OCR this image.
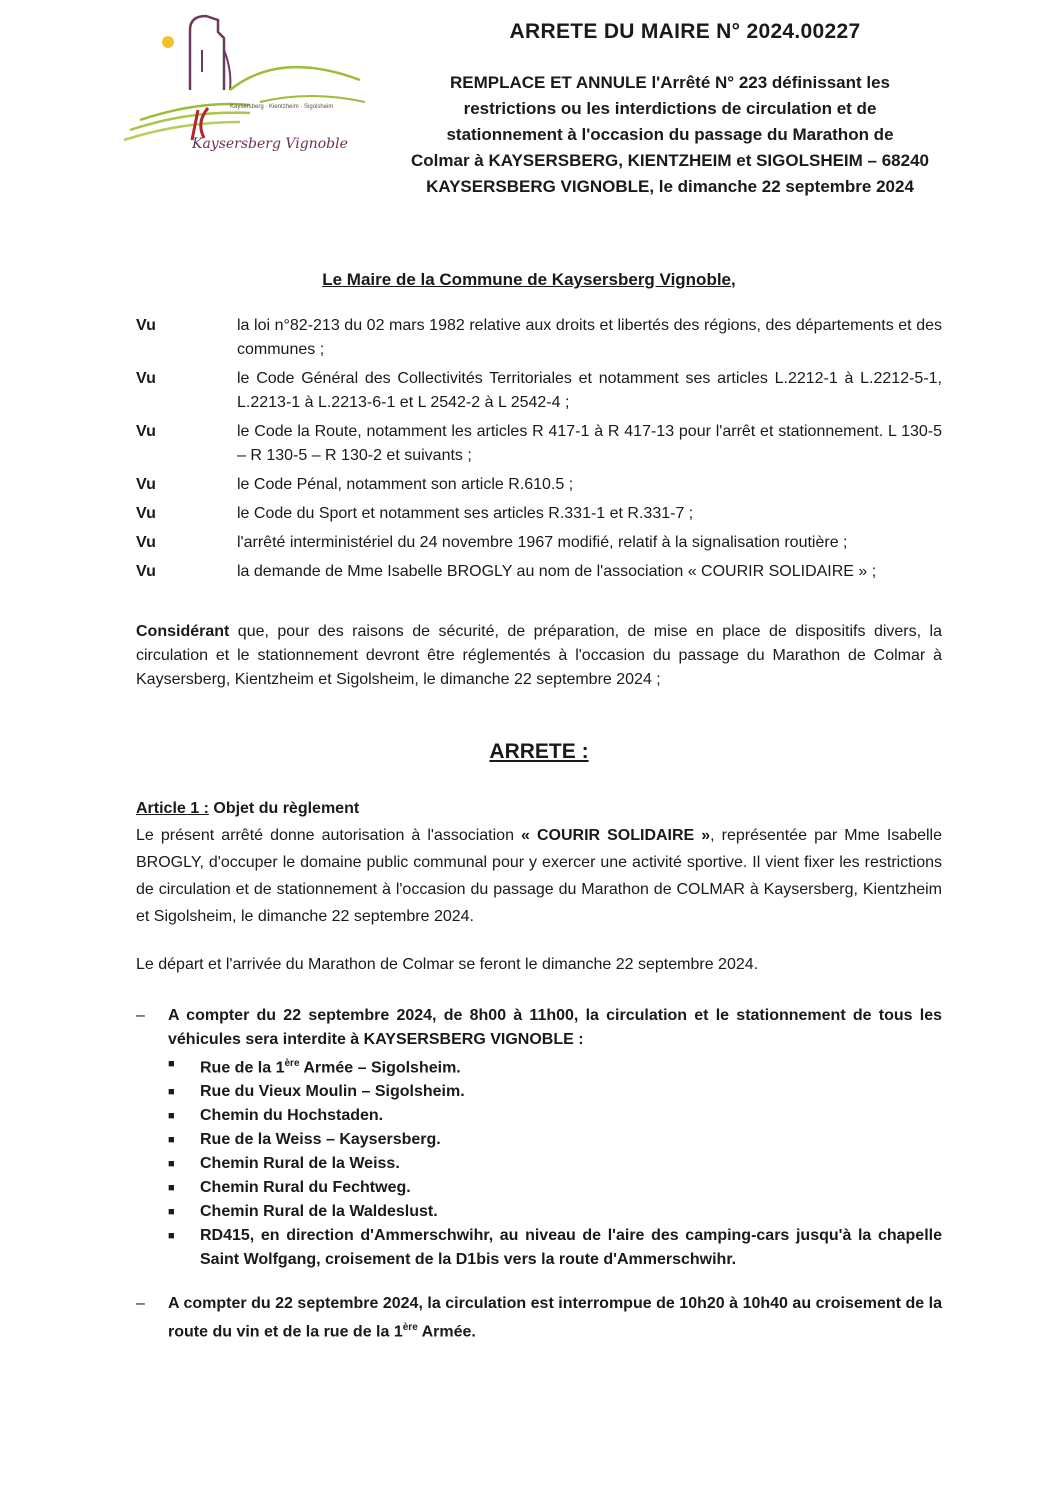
Kaysersberg · Kientzheim · Sigolsheim
Kaysersberg Vignoble
ARRETE DU MAIRE N° 2024.00227
REMPLACE ET ANNULE l'Arrêté N° 223 définissant les
restrictions ou les interdictions de circulation et de
stationnement à l'occasion du passage du Marathon de
Colmar à KAYSERSBERG, KIENTZHEIM et SIGOLSHEIM – 68240
KAYSERSBERG VIGNOBLE, le dimanche 22 septembre 2024
Le Maire de la Commune de Kaysersberg Vignoble,
Vu	la loi n°82-213 du 02 mars 1982 relative aux droits et libertés des régions, des départements et des communes ;
Vu	le Code Général des Collectivités Territoriales et notamment ses articles L.2212-1 à L.2212-5-1, L.2213-1 à L.2213-6-1 et L 2542-2 à L 2542-4 ;
Vu	le Code la Route, notamment les articles R 417-1 à R 417-13 pour l'arrêt et stationnement. L 130-5 – R 130-5 – R 130-2 et suivants ;
Vu	le Code Pénal, notamment son article R.610.5 ;
Vu	le Code du Sport et notamment ses articles R.331-1 et R.331-7 ;
Vu	l'arrêté interministériel du 24 novembre 1967 modifié, relatif à la signalisation routière ;
Vu	la demande de Mme Isabelle BROGLY au nom de l'association « COURIR SOLIDAIRE » ;
Considérant que, pour des raisons de sécurité, de préparation, de mise en place de dispositifs divers, la circulation et le stationnement devront être réglementés à l'occasion du passage du Marathon de Colmar à Kaysersberg, Kientzheim et Sigolsheim, le dimanche 22 septembre 2024 ;
ARRETE :
Article 1 : Objet du règlement
Le présent arrêté donne autorisation à l'association « COURIR SOLIDAIRE », représentée par Mme Isabelle BROGLY, d'occuper le domaine public communal pour y exercer une activité sportive. Il vient fixer les restrictions de circulation et de stationnement à l'occasion du passage du Marathon de COLMAR à Kaysersberg, Kientzheim et Sigolsheim, le dimanche 22 septembre 2024.
Le départ et l'arrivée du Marathon de Colmar se feront le dimanche 22 septembre 2024.
–	A compter du 22 septembre 2024, de 8h00 à 11h00, la circulation et le stationnement de tous les véhicules sera interdite à KAYSERSBERG VIGNOBLE :
■	Rue de la 1ère Armée – Sigolsheim.
■	Rue du Vieux Moulin – Sigolsheim.
■	Chemin du Hochstaden.
■	Rue de la Weiss – Kaysersberg.
■	Chemin Rural de la Weiss.
■	Chemin Rural du Fechtweg.
■	Chemin Rural de la Waldeslust.
■	RD415, en direction d'Ammerschwihr, au niveau de l'aire des camping-cars jusqu'à la chapelle Saint Wolfgang, croisement de la D1bis vers la route d'Ammerschwihr.
–	A compter du 22 septembre 2024, la circulation est interrompue de 10h20 à 10h40 au croisement de la route du vin et de la rue de la 1ère Armée.
